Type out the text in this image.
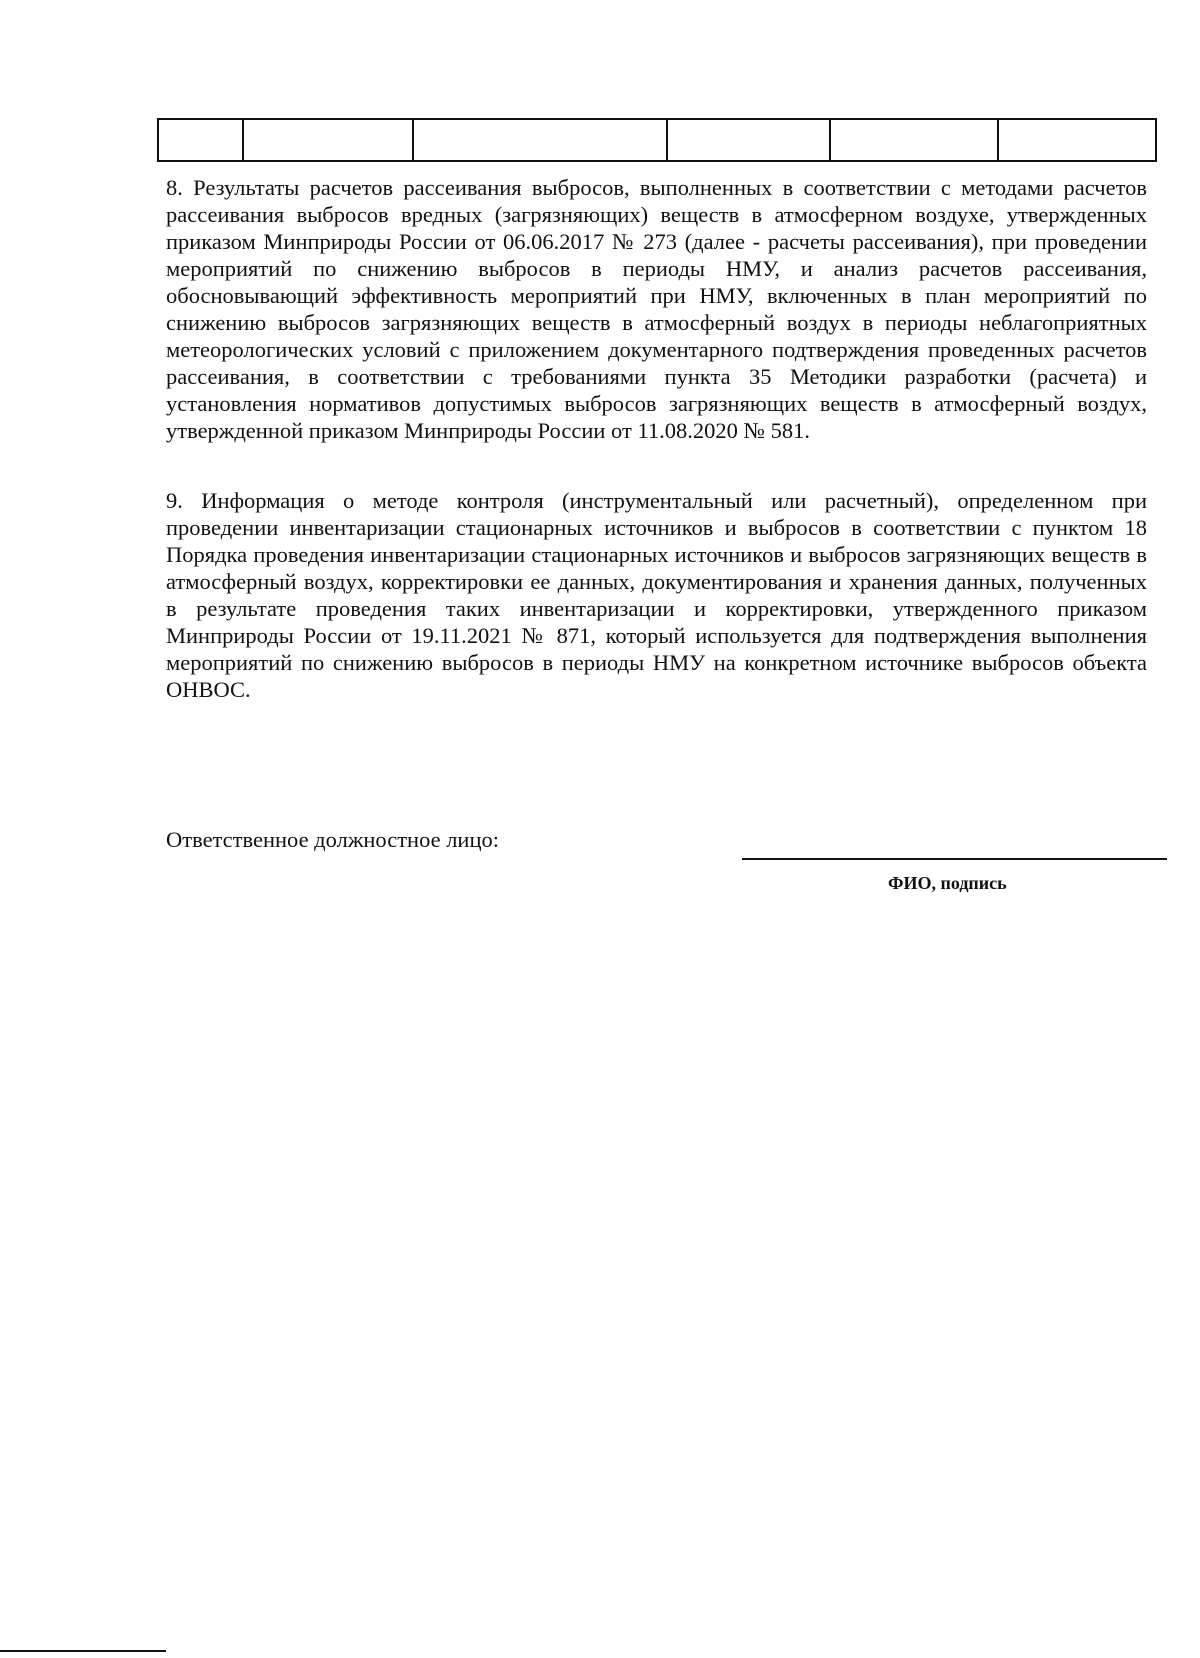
8. Результаты расчетов рассеивания выбросов, выполненных в соответствии с методами расчетов рассеивания выбросов вредных (загрязняющих) веществ в атмосферном воздухе, утвержденных приказом Минприроды России от 06.06.2017 № 273 (далее - расчеты рассеивания), при проведении мероприятий по снижению выбросов в периоды НМУ, и анализ расчетов рассеивания, обосновывающий эффективность мероприятий при НМУ, включенных в план мероприятий по снижению выбросов загрязняющих веществ в атмосферный воздух в периоды неблагоприятных метеорологических условий с приложением документарного подтверждения проведенных расчетов рассеивания, в соответствии с требованиями пункта 35 Методики разработки (расчета) и установления нормативов допустимых выбросов загрязняющих веществ в атмосферный воздух, утвержденной приказом Минприроды России от 11.08.2020 № 581.

9. Информация о методе контроля (инструментальный или расчетный), определенном при проведении инвентаризации стационарных источников и выбросов в соответствии с пунктом 18 Порядка проведения инвентаризации стационарных источников и выбросов загрязняющих веществ в атмосферный воздух, корректировки ее данных, документирования и хранения данных, полученных в результате проведения таких инвентаризации и корректировки, утвержденного приказом Минприроды России от 19.11.2021 № 871, который используется для подтверждения выполнения мероприятий по снижению выбросов в периоды НМУ на конкретном источнике выбросов объекта ОНВОС.

Ответственное должностное лицо:

ФИО, подпись
